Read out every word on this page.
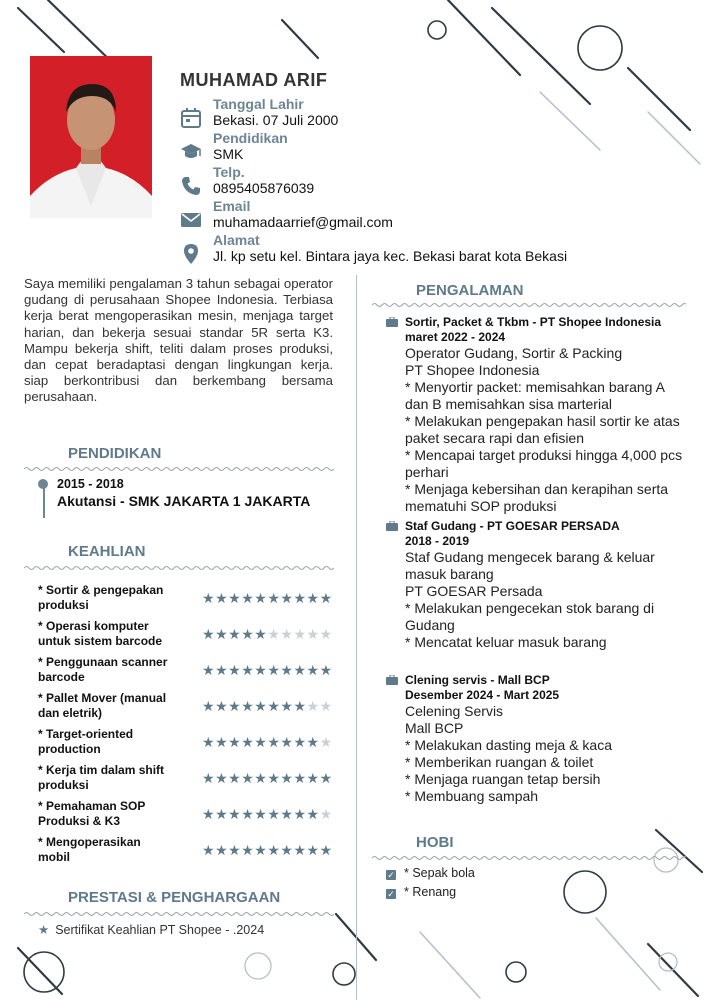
MUHAMAD ARIF
Tanggal Lahir
Bekasi. 07 Juli 2000
Pendidikan
SMK
Telp.
0895405876039
Email
muhamadaarrief@gmail.com
Alamat
Jl. kp setu kel. Bintara jaya kec. Bekasi barat kota Bekasi
Saya memiliki pengalaman 3 tahun sebagai operator gudang di perusahaan Shopee Indonesia. Terbiasa kerja berat mengoperasikan mesin, menjaga target harian, dan bekerja sesuai standar 5R serta K3. Mampu bekerja shift, teliti dalam proses produksi, dan cepat beradaptasi dengan lingkungan kerja. siap berkontribusi dan berkembang bersama perusahaan.
PENDIDIKAN
2015 - 2018
Akutansi - SMK JAKARTA 1 JAKARTA
KEAHLIAN
* Sortir & pengepakan
produksi	★★★★★★★★★★
* Operasi komputer
untuk sistem barcode	★★★★★★★★★★
* Penggunaan scanner
barcode	★★★★★★★★★★
* Pallet Mover (manual
dan eletrik)	★★★★★★★★★★
* Target-oriented
production	★★★★★★★★★★
* Kerja tim dalam shift
produksi	★★★★★★★★★★
* Pemahaman SOP
Produksi & K3	★★★★★★★★★★
* Mengoperasikan
mobil	★★★★★★★★★★
PRESTASI & PENGHARGAAN
★ Sertifikat Keahlian PT Shopee - .2024
PENGALAMAN
Sortir, Packet & Tkbm - PT Shopee Indonesia
maret 2022 - 2024
Operator Gudang, Sortir & Packing
PT Shopee Indonesia
* Menyortir packet: memisahkan barang A dan B memisahkan sisa marterial
* Melakukan pengepakan hasil sortir ke atas paket secara rapi dan efisien
* Mencapai target produksi hingga 4,000 pcs perhari
* Menjaga kebersihan dan kerapihan serta mematuhi SOP produksi
Staf Gudang - PT GOESAR PERSADA
2018 - 2019
Staf Gudang mengecek barang & keluar masuk barang
PT GOESAR Persada
* Melakukan pengecekan stok barang di Gudang
* Mencatat keluar masuk barang
Clening servis - Mall BCP
Desember 2024 - Mart 2025
Celening Servis
Mall BCP
* Melakukan dasting meja & kaca
* Memberikan ruangan & toilet
* Menjaga ruangan tetap bersih
* Membuang sampah
HOBI
✓ * Sepak bola
✓ * Renang
